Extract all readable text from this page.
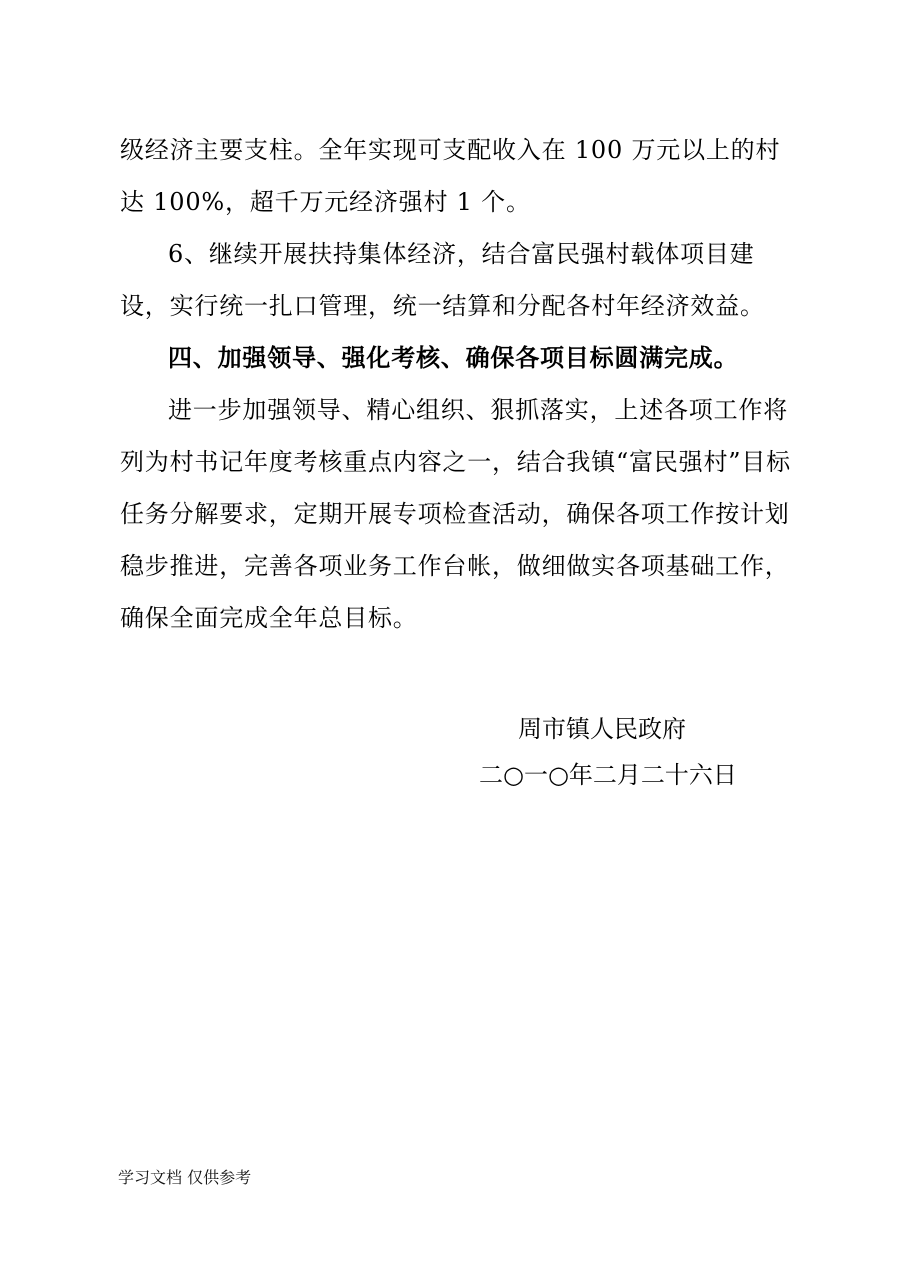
级经济主要支柱。全年实现可支配收入在 100 万元以上的村达 100%，超千万元经济强村 1 个。

6、继续开展扶持集体经济，结合富民强村载体项目建设，实行统一扎口管理，统一结算和分配各村年经济效益。

四、加强领导、强化考核、确保各项目标圆满完成。

进一步加强领导、精心组织、狠抓落实，上述各项工作将列为村书记年度考核重点内容之一，结合我镇“富民强村”目标任务分解要求，定期开展专项检查活动，确保各项工作按计划稳步推进，完善各项业务工作台帐，做细做实各项基础工作，确保全面完成全年总目标。

周市镇人民政府
二○一○年二月二十六日
学习文档 仅供参考
